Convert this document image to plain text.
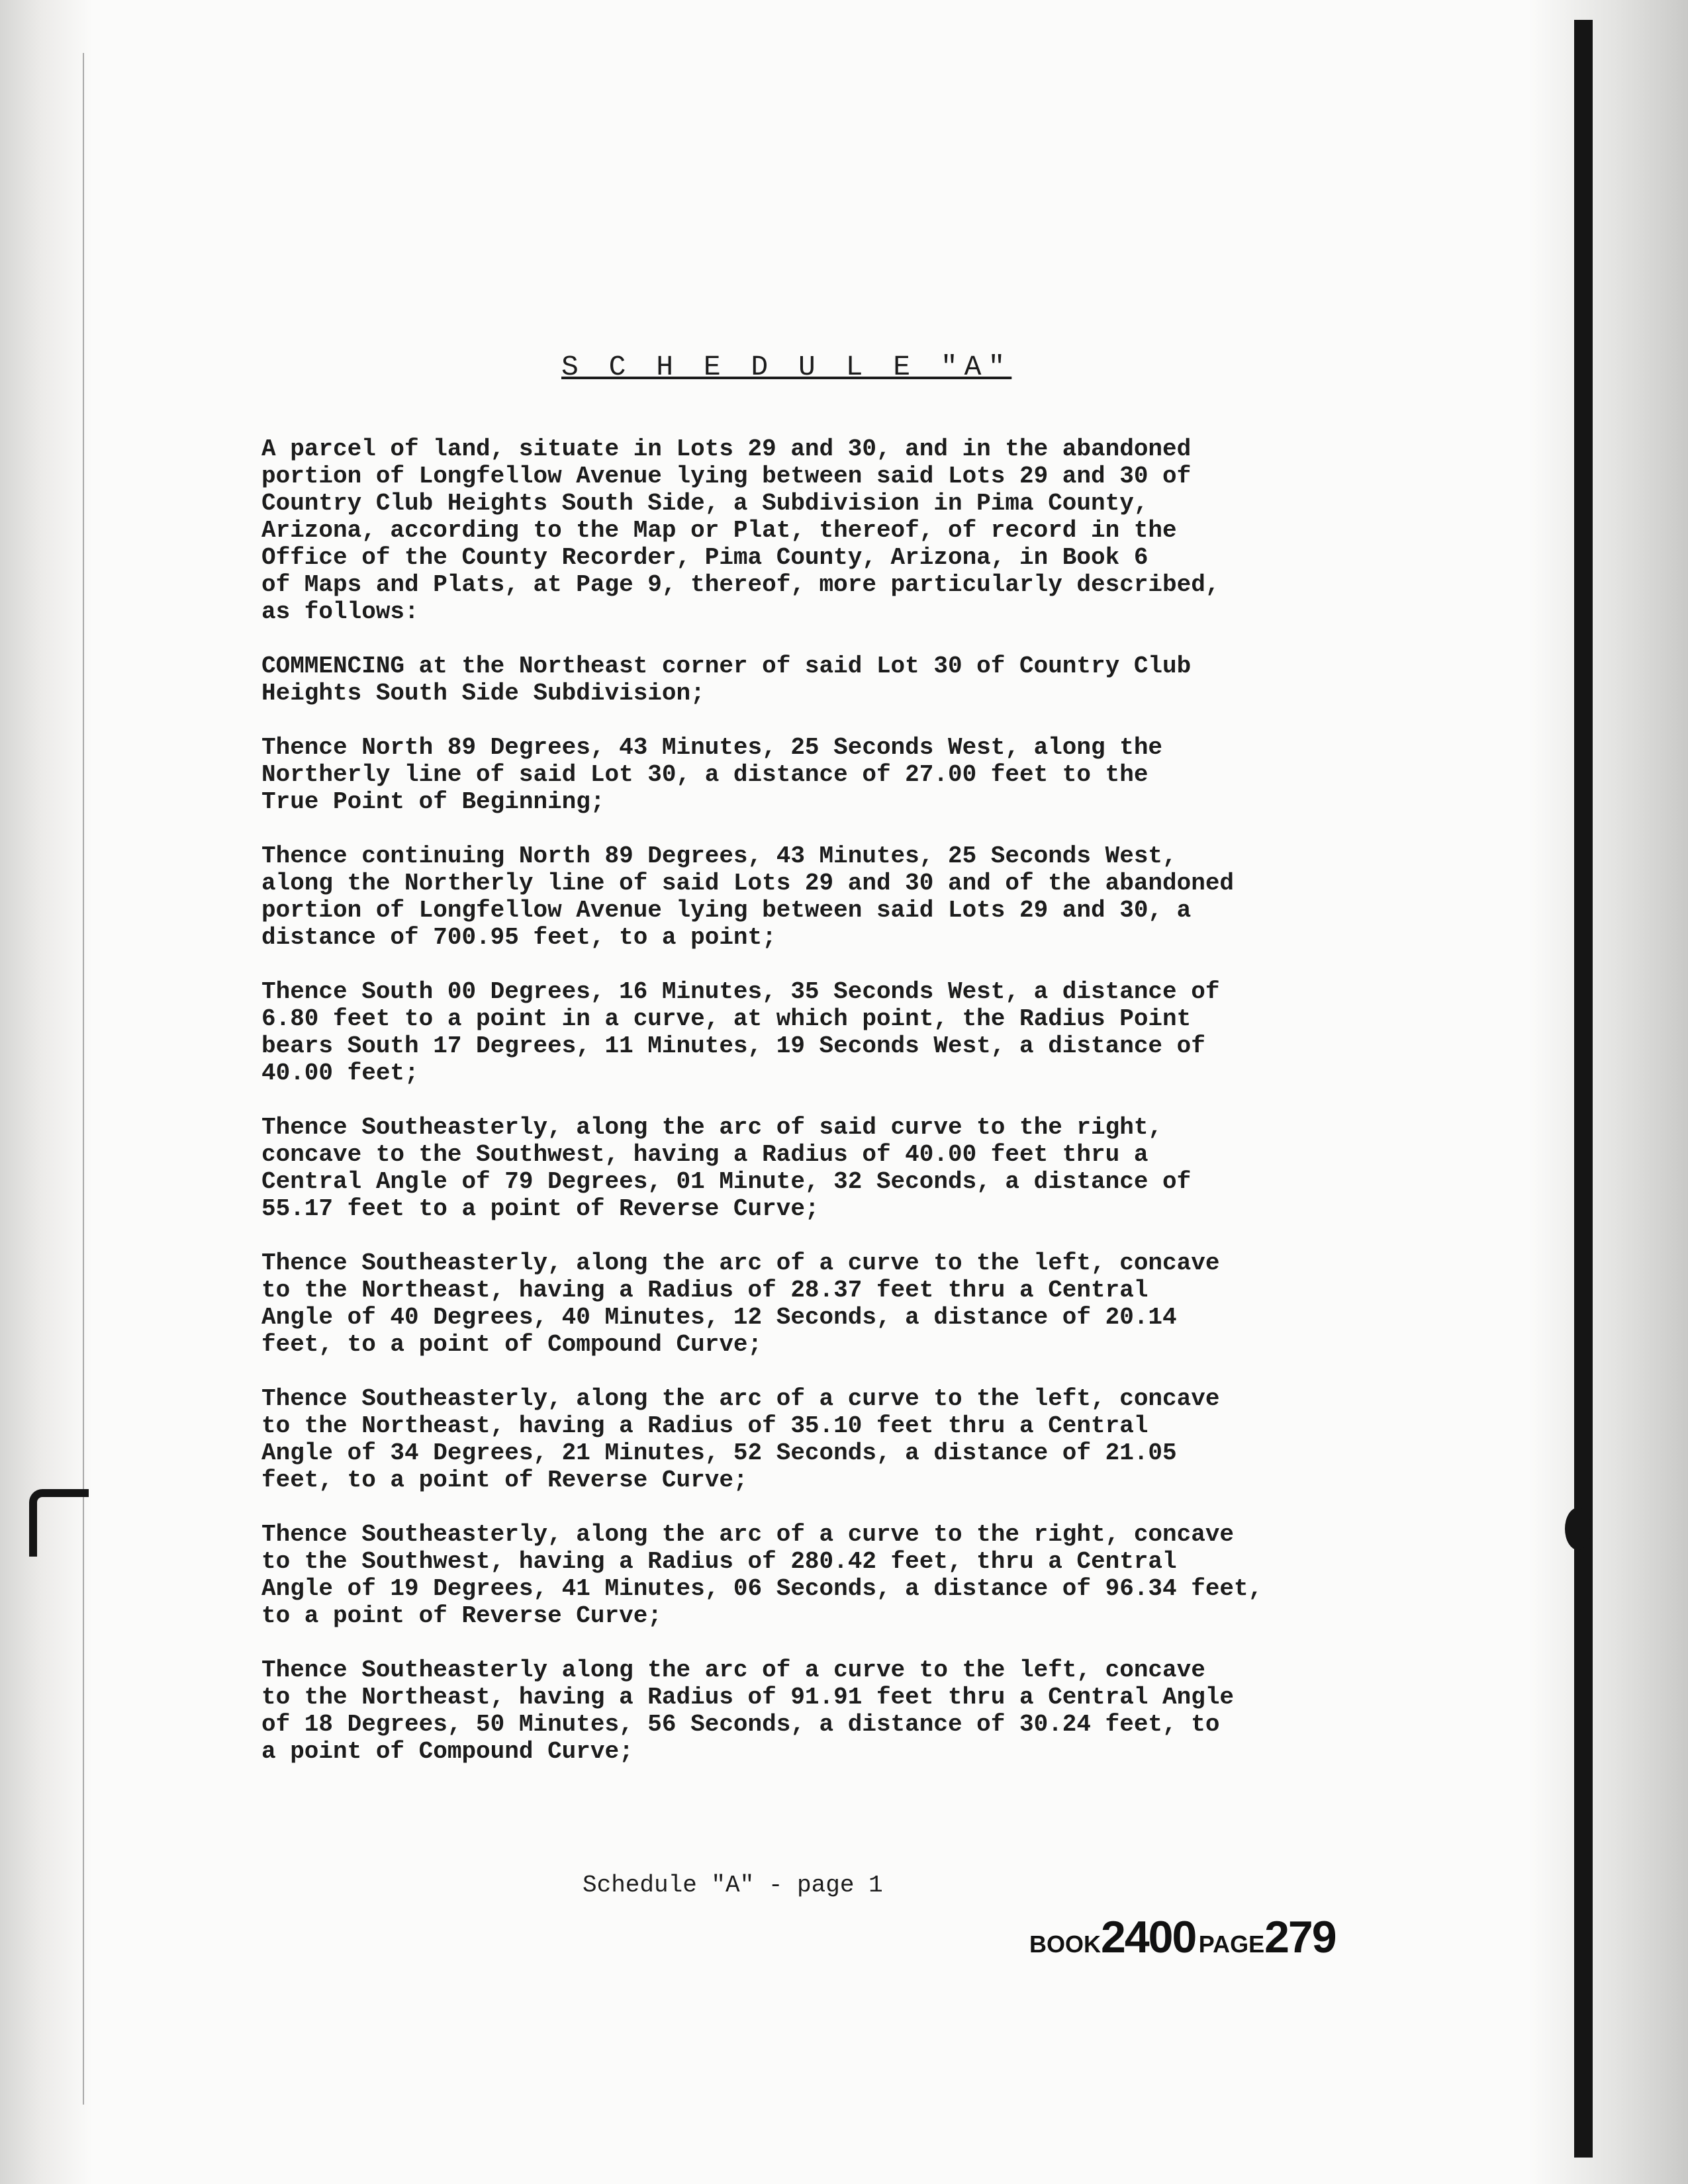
S C H E D U L E "A"

A parcel of land, situate in Lots 29 and 30, and in the abandoned
portion of Longfellow Avenue lying between said Lots 29 and 30 of
Country Club Heights South Side, a Subdivision in Pima County,
Arizona, according to the Map or Plat, thereof, of record in the
Office of the County Recorder, Pima County, Arizona, in Book 6
of Maps and Plats, at Page 9, thereof, more particularly described,
as follows:

COMMENCING at the Northeast corner of said Lot 30 of Country Club
Heights South Side Subdivision;

Thence North 89 Degrees, 43 Minutes, 25 Seconds West, along the
Northerly line of said Lot 30, a distance of 27.00 feet to the
True Point of Beginning;

Thence continuing North 89 Degrees, 43 Minutes, 25 Seconds West,
along the Northerly line of said Lots 29 and 30 and of the abandoned
portion of Longfellow Avenue lying between said Lots 29 and 30, a
distance of 700.95 feet, to a point;

Thence South 00 Degrees, 16 Minutes, 35 Seconds West, a distance of
6.80 feet to a point in a curve, at which point, the Radius Point
bears South 17 Degrees, 11 Minutes, 19 Seconds West, a distance of
40.00 feet;

Thence Southeasterly, along the arc of said curve to the right,
concave to the Southwest, having a Radius of 40.00 feet thru a
Central Angle of 79 Degrees, 01 Minute, 32 Seconds, a distance of
55.17 feet to a point of Reverse Curve;

Thence Southeasterly, along the arc of a curve to the left, concave
to the Northeast, having a Radius of 28.37 feet thru a Central
Angle of 40 Degrees, 40 Minutes, 12 Seconds, a distance of 20.14
feet, to a point of Compound Curve;

Thence Southeasterly, along the arc of a curve to the left, concave
to the Northeast, having a Radius of 35.10 feet thru a Central
Angle of 34 Degrees, 21 Minutes, 52 Seconds, a distance of 21.05
feet, to a point of Reverse Curve;

Thence Southeasterly, along the arc of a curve to the right, concave
to the Southwest, having a Radius of 280.42 feet, thru a Central
Angle of 19 Degrees, 41 Minutes, 06 Seconds, a distance of 96.34 feet,
to a point of Reverse Curve;

Thence Southeasterly along the arc of a curve to the left, concave
to the Northeast, having a Radius of 91.91 feet thru a Central Angle
of 18 Degrees, 50 Minutes, 56 Seconds, a distance of 30.24 feet, to
a point of Compound Curve;

Schedule "A" - page 1
BOOK2400 PAGE279
